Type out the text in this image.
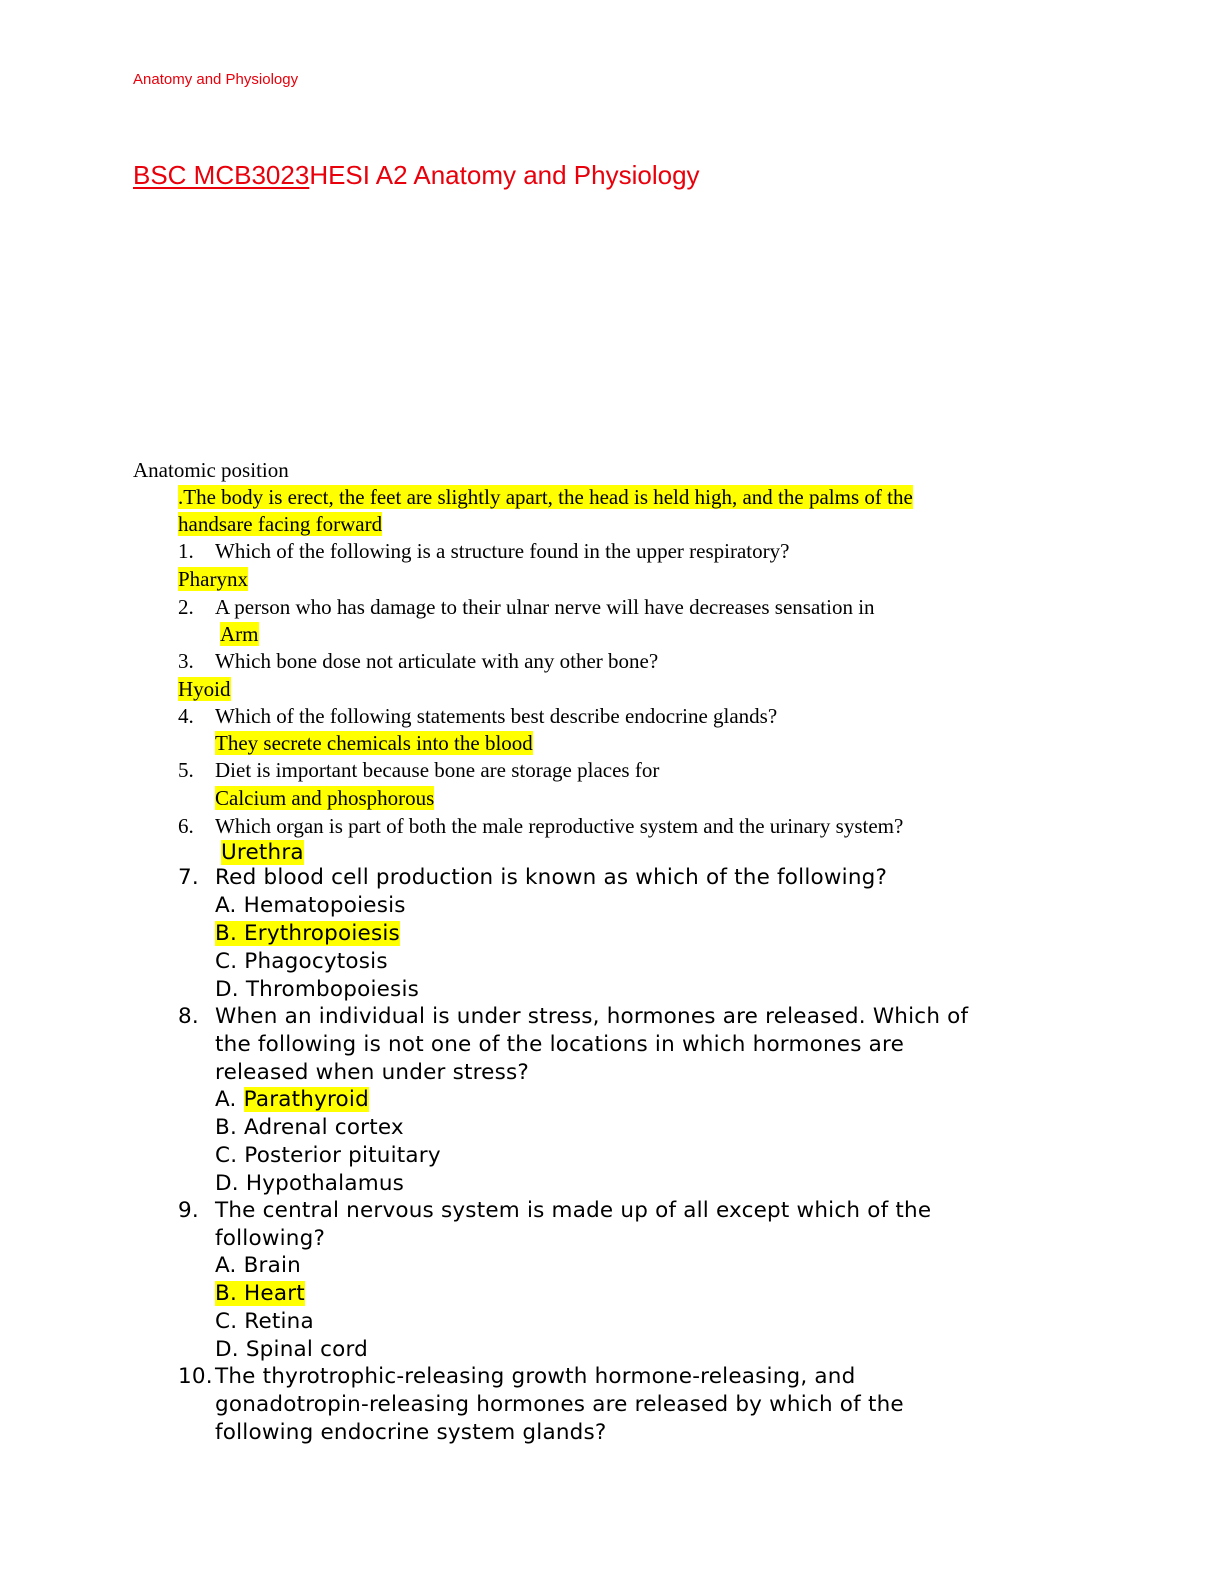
Anatomy and Physiology
BSC MCB3023HESI A2 Anatomy and Physiology
Anatomic position
.The body is erect, the feet are slightly apart, the head is held high, and the palms of the
handsare facing forward
1. Which of the following is a structure found in the upper respiratory?
Pharynx
2. A person who has damage to their ulnar nerve will have decreases sensation in
Arm
3. Which bone dose not articulate with any other bone?
Hyoid
4. Which of the following statements best describe endocrine glands?
They secrete chemicals into the blood
5. Diet is important because bone are storage places for
Calcium and phosphorous
6. Which organ is part of both the male reproductive system and the urinary system?
Urethra
7. Red blood cell production is known as which of the following?
A. Hematopoiesis
B. Erythropoiesis
C. Phagocytosis
D. Thrombopoiesis
8. When an individual is under stress, hormones are released. Which of
the following is not one of the locations in which hormones are
released when under stress?
A. Parathyroid
B. Adrenal cortex
C. Posterior pituitary
D. Hypothalamus
9. The central nervous system is made up of all except which of the
following?
A. Brain
B. Heart
C. Retina
D. Spinal cord
10. The thyrotrophic-releasing growth hormone-releasing, and
gonadotropin-releasing hormones are released by which of the
following endocrine system glands?
